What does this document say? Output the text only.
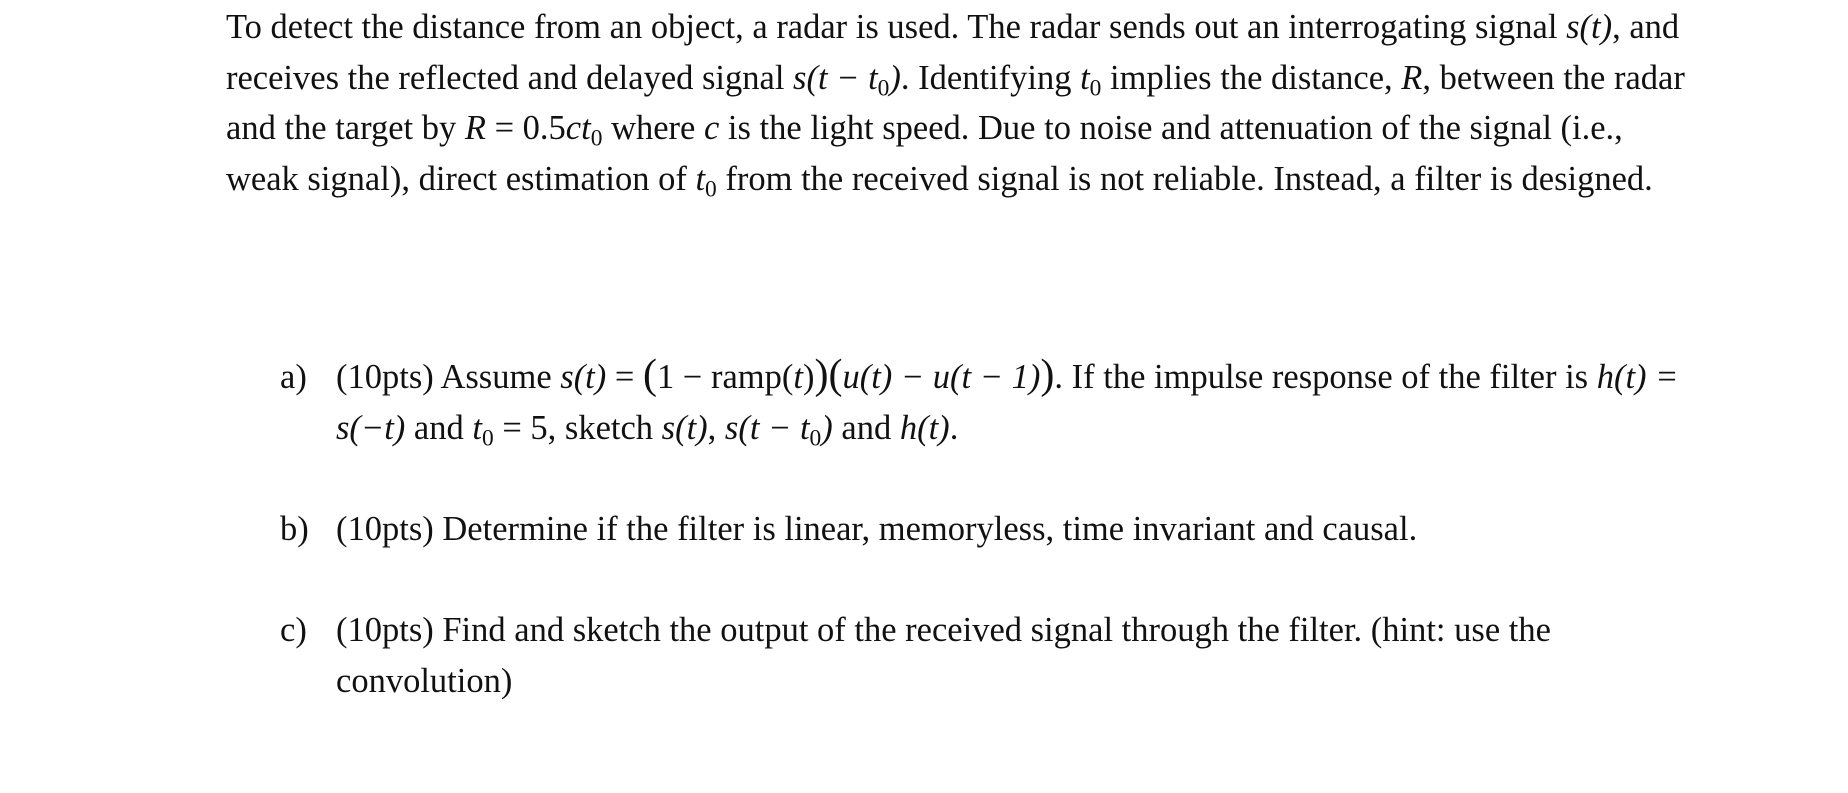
To detect the distance from an object, a radar is used. The radar sends out an interrogating signal s(t), and receives the reflected and delayed signal $s(t - t_0)$. Identifying $t_0$ implies the distance, R, between the radar and the target by $R = 0.5ct_0$ where c is the light speed. Due to noise and attenuation of the signal (i.e., weak signal), direct estimation of $t_0$ from the received signal is not reliable. Instead, a filter is designed.

a) (10pts) Assume s(t) = (1 − ramp(t))(u(t) − u(t − 1)). If the impulse response of the filter is h(t) = s(−t) and $t_0 = 5$, sketch s(t), $s(t - t_0)$ and h(t).
b) (10pts) Determine if the filter is linear, memoryless, time invariant and causal.
c) (10pts) Find and sketch the output of the received signal through the filter. (hint: use the convolution)
